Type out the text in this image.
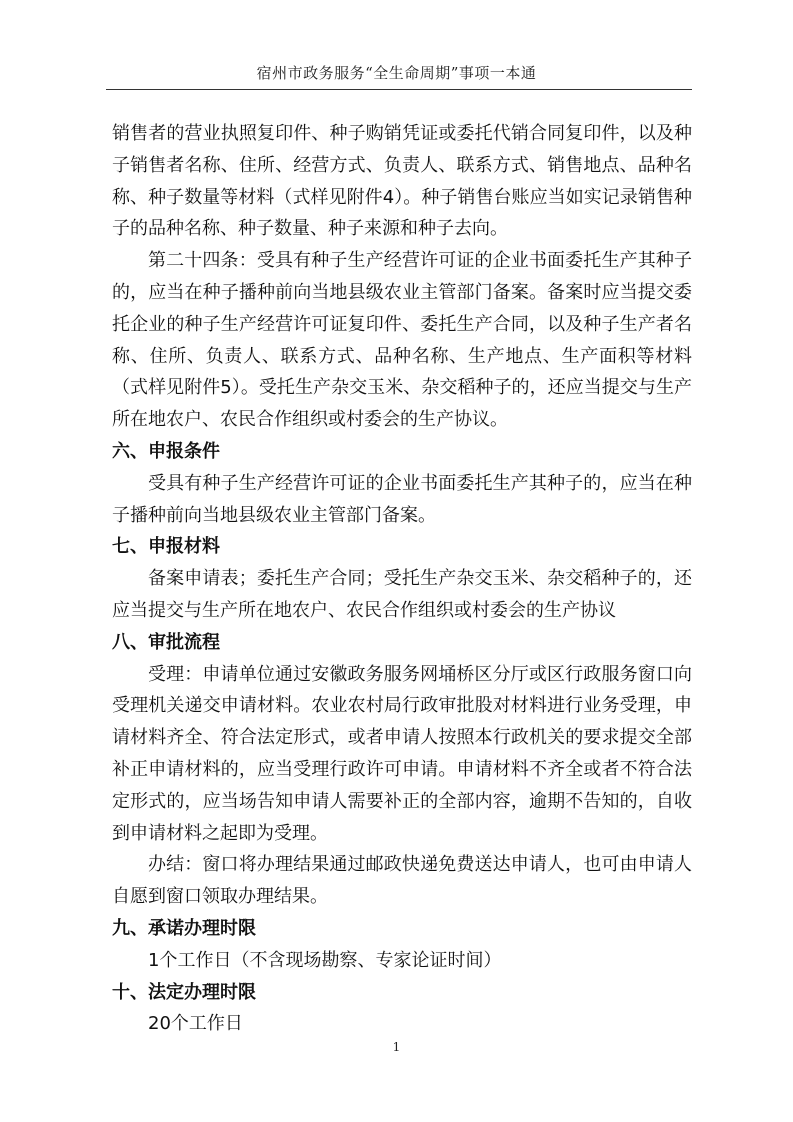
宿州市政务服务“全生命周期”事项一本通

销售者的营业执照复印件、种子购销凭证或委托代销合同复印件，以及种子销售者名称、住所、经营方式、负责人、联系方式、销售地点、品种名称、种子数量等材料（式样见附件4）。种子销售台账应当如实记录销售种子的品种名称、种子数量、种子来源和种子去向。

第二十四条：受具有种子生产经营许可证的企业书面委托生产其种子的，应当在种子播种前向当地县级农业主管部门备案。备案时应当提交委托企业的种子生产经营许可证复印件、委托生产合同，以及种子生产者名称、住所、负责人、联系方式、品种名称、生产地点、生产面积等材料（式样见附件5）。受托生产杂交玉米、杂交稻种子的，还应当提交与生产所在地农户、农民合作组织或村委会的生产协议。

六、申报条件

受具有种子生产经营许可证的企业书面委托生产其种子的，应当在种子播种前向当地县级农业主管部门备案。

七、申报材料

备案申请表；委托生产合同；受托生产杂交玉米、杂交稻种子的，还应当提交与生产所在地农户、农民合作组织或村委会的生产协议

八、审批流程

受理：申请单位通过安徽政务服务网埇桥区分厅或区行政服务窗口向受理机关递交申请材料。农业农村局行政审批股对材料进行业务受理，申请材料齐全、符合法定形式，或者申请人按照本行政机关的要求提交全部补正申请材料的，应当受理行政许可申请。申请材料不齐全或者不符合法定形式的，应当场告知申请人需要补正的全部内容，逾期不告知的，自收到申请材料之起即为受理。

办结：窗口将办理结果通过邮政快递免费送达申请人，也可由申请人自愿到窗口领取办理结果。

九、承诺办理时限

1个工作日（不含现场勘察、专家论证时间）

十、法定办理时限

20个工作日

1
